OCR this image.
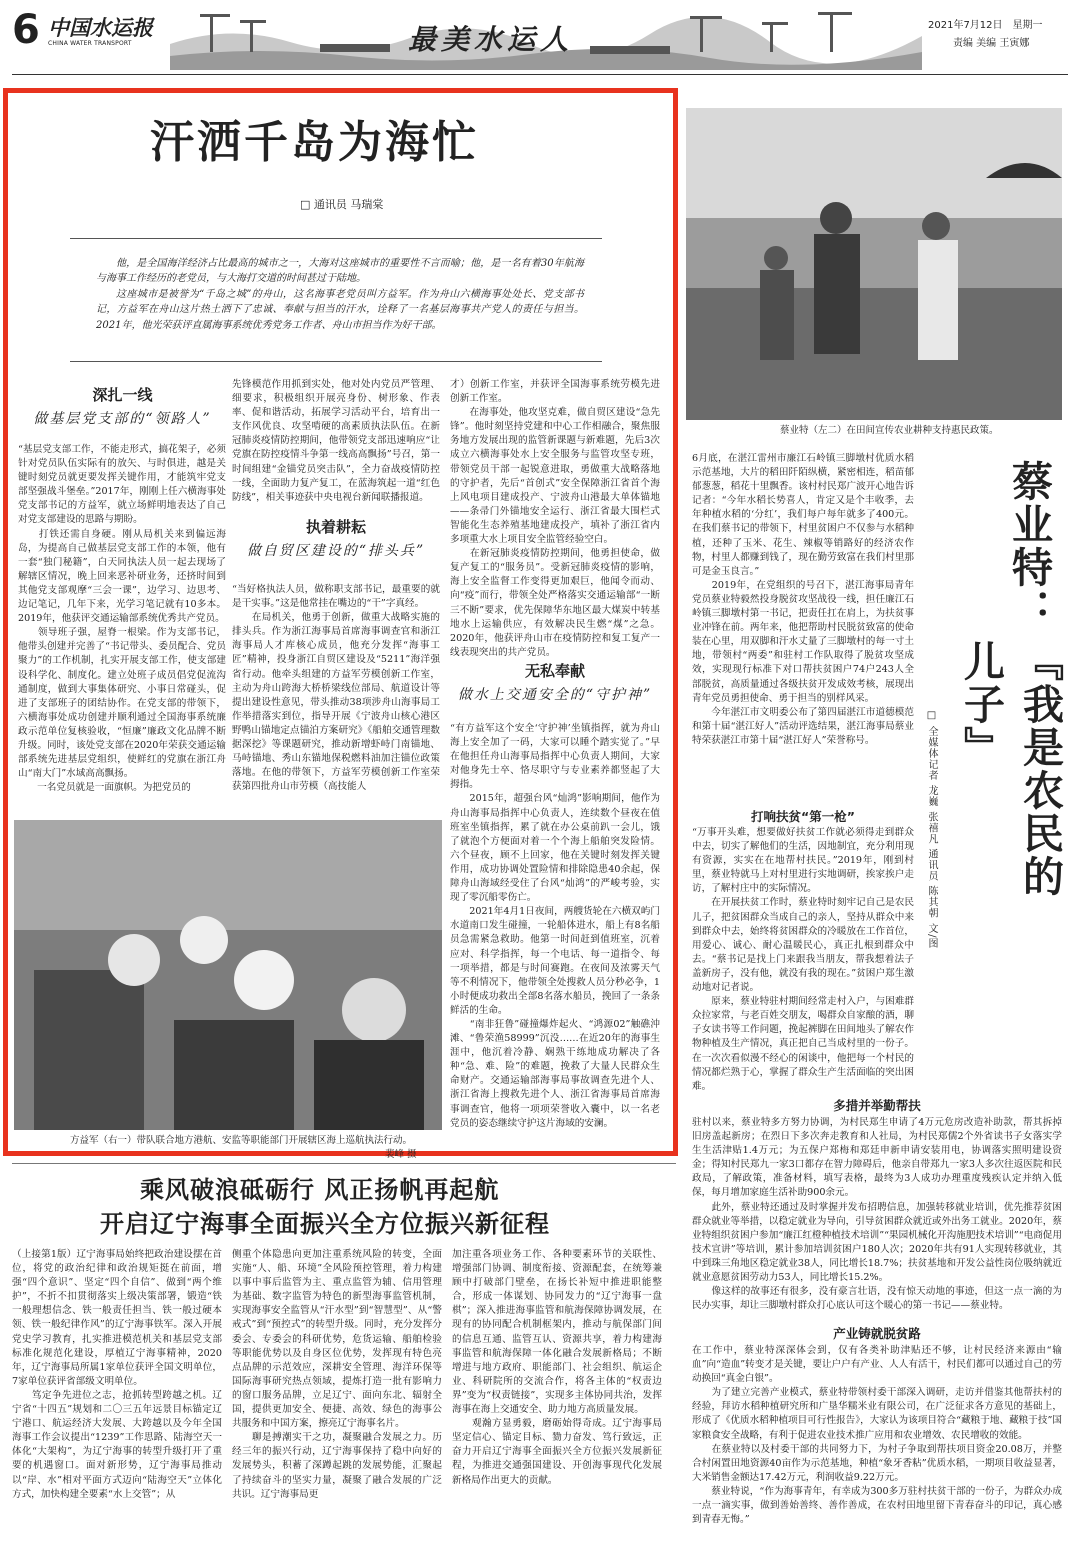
6 中国水运报
CHINA WATER TRANSPORT	最美水运人	2021年7月12日　星期一
责编 美编 王寅娜
汗洒千岛为海忙
□ 通讯员 马瑞棠

他，是全国海洋经济占比最高的城市之一，大海对这座城市的重要性不言而喻；他，是一名有着30年航海与海事工作经历的老党员，与大海打交道的时间甚过于陆地。

这座城市是被誉为“千岛之城”的舟山，这名海事老党员叫方益军。作为舟山六横海事处处长、党支部书记，方益军在舟山这片热土洒下了忠诚、奉献与担当的汗水，诠释了一名基层海事共产党人的责任与担当。2021年，他光荣获评直属海事系统优秀党务工作者、舟山市担当作为好干部。

深扎一线
做基层党支部的“领路人”
“基层党支部工作，不能走形式，搞花架子，必须针对党员队伍实际有的放矢、与时俱进，越是关键时刻党员就更要发挥关键作用，才能筑牢党支部坚强战斗堡垒。”2017年，刚刚上任六横海事处党支部书记的方益军，就立场鲜明地表达了自己对党支部建设的思路与期盼。
　　打铁还需自身硬。刚从局机关来到偏远海岛，为提高自己做基层党支部工作的本领，他有一套“独门秘籍”，白天同执法人员一起去现场了解辖区情况，晚上回来恶补研业务，还挤时间到其他党支部观摩“三会一课”，边学习、边思考、边记笔记，几年下来，光学习笔记就有10多本。2019年，他获评交通运输部系统优秀共产党员。
　　领导班子强，屋脊一根梁。作为支部书记，他带头创建并完善了“书记带头、委员配合、党员聚力”的工作机制，扎实开展支部工作，使支部建设科学化、制度化。建立处班子成员倡党促流沟通制度，做到大事集体研究、小事日常碰头，促进了支部班子的团结协作。在党支部的带领下，六横海事处成功创建并顺利通过全国海事系统廉政示范单位复核验收，“恒廉”廉政文化品牌不断升级。同时，该处党支部在2020年荣获交通运输部系统先进基层党组织，使鲜红的党旗在浙江舟山“南大门”水域高高飘扬。
　　一名党员就是一面旗帜。为把党员的
先锋模范作用抓到实处，他对处内党员严管理、细要求，积极组织开展亮身份、树形象、作表率、促和谐活动，拓展学习活动平台，培育出一支作风优良、攻坚啃硬的高素质执法队伍。在新冠肺炎疫情防控期间，他带领党支部迅速响应“让党旗在防控疫情斗争第一线高高飘扬”号召，第一时间组建“金锚党员突击队”，全力奋战疫情防控一线，全面助力复产复工，在蓝海筑起一道“红色防线”，相关事迹获中央电视台新闻联播报道。
执着耕耘
做自贸区建设的“排头兵”
“当好格执法人员，做称职支部书记，最重要的就是干实事。”这是他常挂在嘴边的“干”字真经。
　　在局机关，他勇于创新，做重大战略实施的排头兵。作为浙江海事局首席海事调查官和浙江海事局人才库核心成员，他充分发挥“海事工匠”精神，投身浙江自贸区建设及“5211”海洋强省行动。他牵头组建的方益军劳模创新工作室，主动为舟山跨海大桥桥梁线位部局、航道设计等提出建设性意见，带头推动38项涉舟山海事局工作举措落实到位，指导开展《宁波舟山核心港区野鸭山锚地定点锚泊方案研究》《船舶交通管理数据深挖》等课题研究，推动新增虾峙门南锚地、马峙锚地、秀山东锚地保税燃料油加注锚位政策落地。在他的带领下，方益军劳模创新工作室荣获第四批舟山市劳模（高技能人
才）创新工作室，并获评全国海事系统劳模先进创新工作室。
　　在海事处，他攻坚克难，做自贸区建设“急先锋”。他时刻坚持党建和中心工作相融合，聚焦服务地方发展出现的监管新课题与新难题，先后3次成立六横海事处水上安全服务与监管攻坚专班，带领党员干部一起锐意进取，勇做重大战略落地的守护者，先后“首创式”安全保障浙江省首个海上风电项目建成投产、宁波舟山港最大单体锚地——条帚门外锚地安全运行、浙江省最大围栏式智能化生态养殖基地建成投产，填补了浙江省内多项重大水上项目安全监管经验空白。
　　在新冠肺炎疫情防控期间，他勇担使命，做复产复工的“服务员”。受新冠肺炎疫情的影响，海上安全监督工作变得更加艰巨，他闻令而动、向“疫”而行，带领全处严格落实交通运输部“一断三不断”要求，优先保障华东地区最大煤炭中转基地水上运输供应，有效解决民生燃“煤”之急。2020年，他获评舟山市在疫情防控和复工复产一线表现突出的共产党员。
无私奉献
做水上交通安全的“守护神”
“有方益军这个安全‘守护神’坐镇指挥，就为舟山海上安全加了一码，大家可以睡个踏实觉了。”早在他担任舟山海事局指挥中心负责人期间，大家对他身先士卒、恪尽职守与专业素养都竖起了大拇指。
　　2015年，超强台风“灿鸿”影响期间，他作为舟山海事局指挥中心负责人，连续数个昼夜在值班室坐镇指挥，累了就在办公桌前趴一会儿，饿了就泡个方便面对着一个个海上船舶突发险情。六个昼夜，顾不上回家，他在关键时刻发挥关键作用，成功协调处置险情和排除隐患40余起，保障舟山海域经受住了台风“灿鸿”的严峻考验，实现了零沉船零伤亡。
　　2021年4月1日夜间，两艘货轮在六横双屿门水道南口发生碰撞，一轮船体进水，船上有8名船员急需紧急救助。他第一时间赶到值班室，沉着应对、科学指挥，每一个电话、每一道指令、每一项举措，都是与时间赛跑。在夜间及浓雾天气等不利情况下，他带领全处搜救人员分秒必争，1小时便成功救出全部8名落水船员，挽回了一条条鲜活的生命。
　　“南非狂鲁”碰撞爆炸起火、“鸿源02”触礁沖滩、“鲁荣渔58999”沉没……在近20年的海事生涯中，他沉着冷静、娴熟干练地成功解决了各种“急、难、险”的难题，挽救了大量人民群众生命财产。交通运输部海事局事故调查先进个人、浙江省海上搜救先进个人、浙江省海事局首席海事调查官，他将一项项荣誉收入囊中，以一名老党员的姿态继续守护这片海域的安澜。
方益军（右一）带队联合地方港航、安监等职能部门开展辖区海上巡航执法行动。
裴峰 摄
蔡业特（左二）在田间宣传农业耕种支持惠民政策。
6月底，在湛江雷州市廉江石岭镇三脚墩村优质水稻示范基地，大片的稻田阡陌纵横，紧密相连，稻苗郁郁葱葱，稻花十里飘香。该村村民郑广波开心地告诉记者：“今年水稻长势喜人，肯定又是个丰收季，去年种植水稻的‘分红’，我们每户每年就多了400元。在我们蔡书记的带领下，村里贫困户不仅参与水稻种植，还种了玉米、花生、辣椒等销路好的经济农作物，村里人都赚到钱了，现在勤劳致富在我们村里那可是金玉良言。”
　　2019年，在党组织的号召下，湛江海事局青年党员蔡业特毅然投身脱贫攻坚战役一线，担任廉江石岭镇三脚墩村第一书记，把责任扛在肩上，为扶贫事业冲锋在前。两年来，他把帮助村民脱贫致富的使命装在心里，用双脚和汗水丈量了三脚墩村的每一寸土地，带领村“两委”和驻村工作队取得了脱贫攻坚成效，实现现行标准下对口帮扶贫困户74户243人全部脱贫，高质量通过各级扶贫开发成效考核，展现出青年党员勇担使命、勇于担当的别样风采。
　　今年湛江市文明委公布了第四届湛江市道德模范和第十届“湛江好人”活动评选结果，湛江海事局蔡业特荣获湛江市第十届“湛江好人”荣誉称号。
蔡业特：
『我是农民的儿子』
□ 全媒体记者 龙巍 张禧凡 通讯员 陈其朝 文/图
打响扶贫“第一枪”
“万事开头难，想要做好扶贫工作就必须得走到群众中去，切实了解他们的生活，因地制宜，充分利用现有资源，实实在在地帮村扶民。”2019年，刚到村里，蔡业特就马上对村里进行实地调研，挨家挨户走访，了解村庄中的实际情况。
　　在开展扶贫工作时，蔡业特时刻牢记自己是农民儿子，把贫困群众当成自己的亲人，坚持从群众中来到群众中去，始终将贫困群众的冷暖放在工作首位，用爱心、诚心、耐心温暖民心，真正扎根到群众中去。“蔡书记是找上门来跟我当朋友，帮我想着法子盖新房子，没有他，就没有我的现在。”贫困户郑生激动地对记者说。
　　原来，蔡业特驻村期间经常走村入户，与困难群众拉家常，与老百姓交朋友，喝群众自家酿的酒，聊子女读书等工作问题，挽起裤脚在田间地头了解农作物种植及生产情况，真正把自己当成村里的一份子。在一次次看似漫不经心的闲谈中，他把每一个村民的情况都烂熟于心，掌握了群众生产生活面临的突出困难。
多措并举勤帮扶
驻村以来，蔡业特多方努力协调，为村民郑生申请了4万元危房改造补助款，帮其拆掉旧房盖起新房；在烈日下多次奔走教育和人社局，为村民郑儒2个外省读书子女落实学生生活津贴1.4万元；为五保户郑梅和郑廷申新申请安装用电，协调落实照明建设资金；得知村民郑九一家3口都存在智力障碍后，他亲自带郑九一家3人多次往返医院和民政局，了解政策，准备材料，填写表格，最终为3人成功办理重度残疾认定并纳入低保，每月增加家庭生活补助900余元。
　　此外，蔡业特还通过及时掌握并发布招聘信息，加强转移就业培训，优先推荐贫困群众就业等举措，以稳定就业为导向，引导贫困群众就近或外出务工就业。2020年，蔡业特组织贫困户参加“廉江红橙种植技术培训”“果园机械化开沟施肥技术培训”“电商促用技术宣讲”等培训，累计参加培训贫困户180人次；2020年共有91人实现转移就业，其中到珠三角地区稳定就业38人，同比增长18.7%；扶贫基地和开发公益性岗位吸纳就近就业意愿贫困劳动力53人，同比增长15.2%。
　　像这样的故事还有很多，没有豪言壮语，没有惊天动地的事迹，但这一点一滴的为民办实事，却让三脚墩村群众打心底认可这个暖心的第一书记——蔡业特。
产业铸就脱贫路
在工作中，蔡业特深深体会到，仅有各类补助津贴还不够，让村民经济来源由“输血”向“造血”转变才是关键，要让户户有产业、人人有活干，村民们都可以通过自己的劳动换回“真金白银”。
　　为了建立完善产业模式，蔡业特带领村委干部深入调研，走访并借鉴其他帮扶村的经验，拜访水稻种植研究所和广垦华糯米业有限公司，在广泛征求各方意见的基础上，形成了《优质水稻种植项目可行性报告》，大家认为该项目符合“藏粮于地、藏粮于技”国家粮食安全战略，有利于促进农业技术推广应用和农业增效、农民增收的效能。
　　在蔡业特以及村委干部的共同努力下，为村子争取到帮扶项目资金20.08万，并整合村闲置田地资源40亩作为示范基地，种植“象牙香粘”优质水稻，一期项目收益显著，大米销售金额达17.42万元，利润收益9.22万元。
　　蔡业特说，“作为海事青年，有幸成为300多万驻村扶贫干部的一份子，为群众办成一点一滴实事，做到善始善终、善作善成，在农村田地里留下青春奋斗的印记，真心感到青春无悔。”
乘风破浪砥砺行 风正扬帆再起航
开启辽宁海事全面振兴全方位振兴新征程
（上接第1版）辽宁海事局始终把政治建设摆在首位，将党的政治纪律和政治规矩挺在前面，增强“四个意识”、坚定“四个自信”、做到“两个维护”，不折不扣贯彻落实上级决策部署，锻造“铁一般理想信念、铁一般责任担当、铁一般过硬本领、铁一般纪律作风”的辽宁海事铁军。深入开展党史学习教育，扎实推进模范机关和基层党支部标准化规范化建设，厚植辽宁海事精神，2020年，辽宁海事局所属1家单位获评全国文明单位，7家单位获评省部级文明单位。
　　笃定争先进位之志，抢抓转型跨越之机。辽宁省“十四五”规划和二〇三五年远景目标锚定辽宁港口、航运经济大发展、大跨越以及今年全国海事工作会议提出“1239”工作思路、陆海空天一体化“大架构”，为辽宁海事的转型升级打开了重要的机遇窗口。面对新形势，辽宁海事局推动以“岸、水”相对平面方式迈向“陆海空天”立体化方式，加快构建全要素“水上交管”；从
侧重个体隐患向更加注重系统风险的转变，全面实施“人、船、环境”全风险预控管理，着力构建以事中事后监管为主、重点监管为辅、信用管理为基础、数字监管为特色的新型海事监管机制，实现海事安全监管从“汗水型”到“智慧型”、从“警戒式”到“预控式”的转型升级。同时，充分发挥分委会、专委会的科研优势，危货运输、船舶检验等职能优势以及自身区位优势，发挥现有特色亮点品牌的示范效应，深耕安全管理、海洋环保等国际海事研究热点领域，提炼打造一批有影响力的窗口服务品牌，立足辽宁、面向东北、辐射全国，提供更加安全、便捷、高效、绿色的海事公共服务和中国方案，擦亮辽宁海事名片。
　　聊是搏潮实干之功，凝聚融合发展之力。历经三年的振兴行动，辽宁海事保持了稳中向好的发展势头，积蓄了深蹲起跳的发展势能，汇聚起了持续奋斗的坚实力量，凝聚了融合发展的广泛共识。辽宁海事局更
加注重各项业务工作、各种要素环节的关联性、增强部门协调、制度衔接、资源配套，在统筹兼顾中打破部门壁垒，在扬长补短中推进职能整合，形成一体谋划、协同发力的“辽宁海事一盘棋”；深入推进海事监管和航海保障协调发展，在现有的协同配合机制框架内，推动与航保部门间的信息互通、监管互认、资源共享，着力构建海事监管和航海保障一体化融合发展新格局；不断增进与地方政府、职能部门、社会组织、航运企业、科研院所的交流合作，将各主体的“权责边界”变为“权责链接”，实现多主体协同共治，发挥海事在海上交通安全、助力地方高质量发展。
　　观瀚方显勇毅，磨砺始得奇成。辽宁海事局坚定信心、锚定目标、勠力奋发、笃行致远，正奋力开启辽宁海事全面振兴全方位振兴发展新征程，为推进交通强国建设、开创海事现代化发展新格局作出更大的贡献。
